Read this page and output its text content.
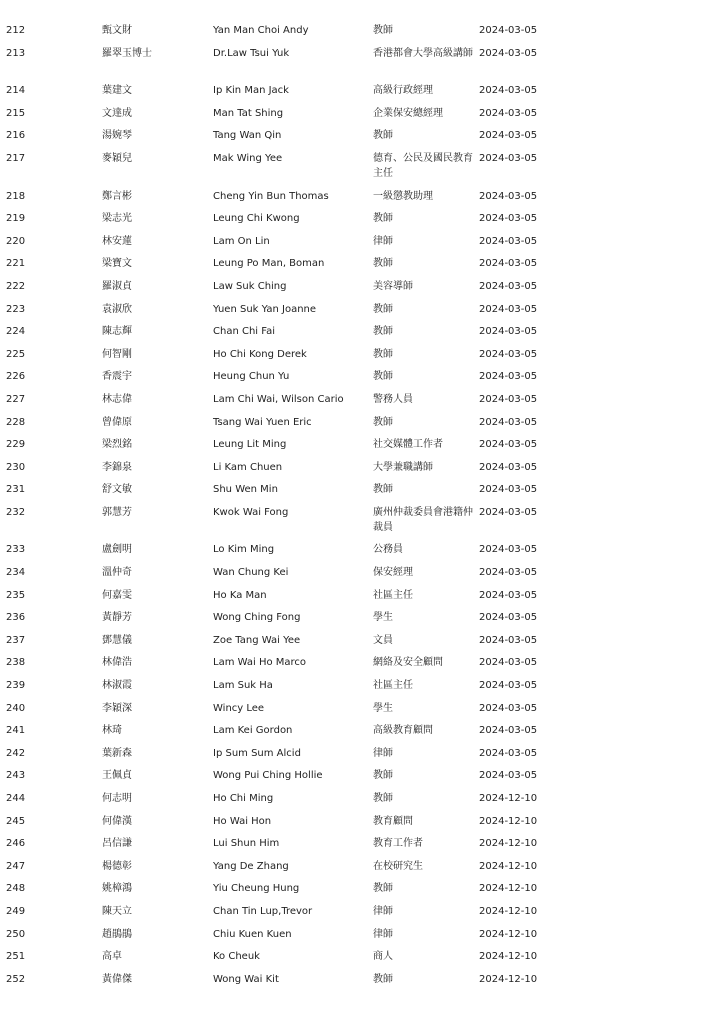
212	甄文財	Yan Man Choi Andy	教師	2024-03-05
213	羅翠玉博士	Dr.Law Tsui Yuk	香港都會大學高級講師	2024-03-05
214	葉建文	Ip Kin Man Jack	高級行政經理	2024-03-05
215	文達成	Man Tat Shing	企業保安總經理	2024-03-05
216	湯婉琴	Tang Wan Qin	教師	2024-03-05
217	麥穎兒	Mak Wing Yee	德育、公民及國民教育主任	2024-03-05
218	鄭言彬	Cheng Yin Bun Thomas	一級懲教助理	2024-03-05
219	梁志光	Leung Chi Kwong	教師	2024-03-05
220	林安蓮	Lam On Lin	律師	2024-03-05
221	梁寶文	Leung Po Man, Boman	教師	2024-03-05
222	羅淑貞	Law Suk Ching	美容導師	2024-03-05
223	袁淑欣	Yuen Suk Yan Joanne	教師	2024-03-05
224	陳志輝	Chan Chi Fai	教師	2024-03-05
225	何智剛	Ho Chi Kong Derek	教師	2024-03-05
226	香震宇	Heung Chun Yu	教師	2024-03-05
227	林志偉	Lam Chi Wai, Wilson Cario	警務人員	2024-03-05
228	曾偉原	Tsang Wai Yuen Eric	教師	2024-03-05
229	梁烈銘	Leung Lit Ming	社交媒體工作者	2024-03-05
230	李錦泉	Li Kam Chuen	大學兼職講師	2024-03-05
231	舒文敏	Shu Wen Min	教師	2024-03-05
232	郭慧芳	Kwok Wai Fong	廣州仲裁委員會港籍仲裁員	2024-03-05
233	盧劍明	Lo Kim Ming	公務員	2024-03-05
234	溫仲奇	Wan Chung Kei	保安經理	2024-03-05
235	何嘉雯	Ho Ka Man	社區主任	2024-03-05
236	黃靜芳	Wong Ching Fong	學生	2024-03-05
237	鄧慧儀	Zoe Tang Wai Yee	文員	2024-03-05
238	林偉浩	Lam Wai Ho Marco	網絡及安全顧問	2024-03-05
239	林淑霞	Lam Suk Ha	社區主任	2024-03-05
240	李穎深	Wincy Lee	學生	2024-03-05
241	林琦	Lam Kei Gordon	高級教育顧問	2024-03-05
242	葉新森	Ip Sum Sum Alcid	律師	2024-03-05
243	王佩貞	Wong Pui Ching Hollie	教師	2024-03-05
244	何志明	Ho Chi Ming	教師	2024-12-10
245	何偉漢	Ho Wai Hon	教育顧問	2024-12-10
246	呂信謙	Lui Shun Him	教育工作者	2024-12-10
247	楊德彰	Yang De Zhang	在校研究生	2024-12-10
248	姚樟鴻	Yiu Cheung Hung	教師	2024-12-10
249	陳天立	Chan Tin Lup,Trevor	律師	2024-12-10
250	趙鵑鵑	Chiu Kuen Kuen	律師	2024-12-10
251	高卓	Ko Cheuk	商人	2024-12-10
252	黃偉傑	Wong Wai Kit	教師	2024-12-10
